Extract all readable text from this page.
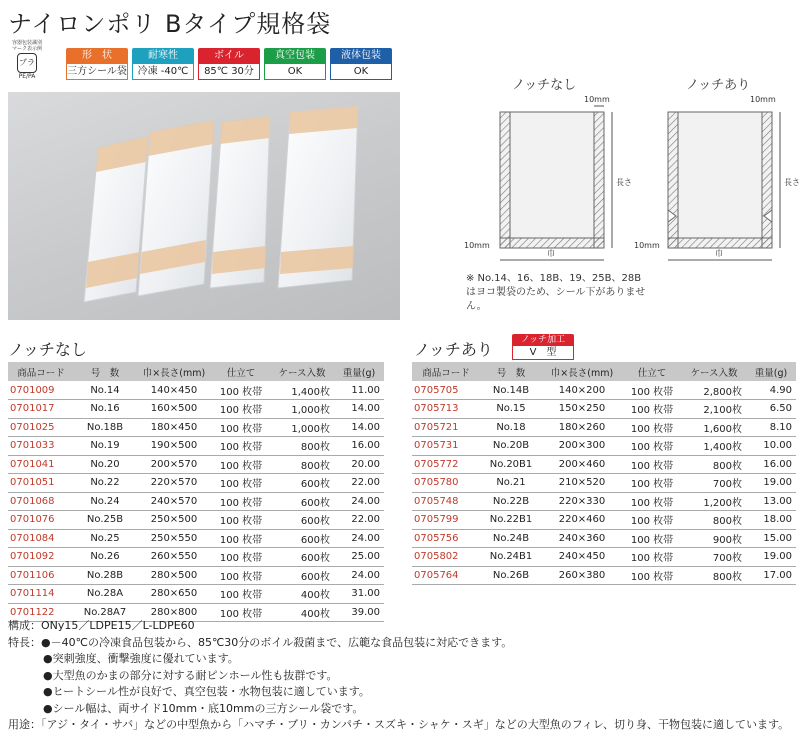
ナイロンポリ Bタイプ規格袋
容器包装識別マーク表示例
プラ
PE/PA
形　状
三方シール袋
耐寒性
冷凍 -40℃
ボイル
85℃ 30分
真空包装
OK
液体包装
OK
ノッチなし	ノッチあり
10mm
10mm
長さ
巾
10mm
10mm
長さ
巾
※ No.14、16、18B、19、25B、28B はヨコ製袋のため、シール下がありません。
ノッチなし	ノッチあり	ノッチ加工
V　型
商品コード	号　数	巾×長さ(mm)	仕立て	ケース入数	重量(g)
0701009	No.14	140×450	100 枚帯	1,400枚	11.00
0701017	No.16	160×500	100 枚帯	1,000枚	14.00
0701025	No.18B	180×450	100 枚帯	1,000枚	14.00
0701033	No.19	190×500	100 枚帯	800枚	16.00
0701041	No.20	200×570	100 枚帯	800枚	20.00
0701051	No.22	220×570	100 枚帯	600枚	22.00
0701068	No.24	240×570	100 枚帯	600枚	24.00
0701076	No.25B	250×500	100 枚帯	600枚	22.00
0701084	No.25	250×550	100 枚帯	600枚	24.00
0701092	No.26	260×550	100 枚帯	600枚	25.00
0701106	No.28B	280×500	100 枚帯	600枚	24.00
0701114	No.28A	280×650	100 枚帯	400枚	31.00
0701122	No.28A7	280×800	100 枚帯	400枚	39.00
商品コード	号　数	巾×長さ(mm)	仕立て	ケース入数	重量(g)
0705705	No.14B	140×200	100 枚帯	2,800枚	4.90
0705713	No.15	150×250	100 枚帯	2,100枚	6.50
0705721	No.18	180×260	100 枚帯	1,600枚	8.10
0705731	No.20B	200×300	100 枚帯	1,400枚	10.00
0705772	No.20B1	200×460	100 枚帯	800枚	16.00
0705780	No.21	210×520	100 枚帯	700枚	19.00
0705748	No.22B	220×330	100 枚帯	1,200枚	13.00
0705799	No.22B1	220×460	100 枚帯	800枚	18.00
0705756	No.24B	240×360	100 枚帯	900枚	15.00
0705802	No.24B1	240×450	100 枚帯	700枚	19.00
0705764	No.26B	260×380	100 枚帯	800枚	17.00
構成：ONy15／LDPE15／L-LDPE60
特長：●－40℃の冷凍食品包装から、85℃30分のボイル殺菌まで、広範な食品包装に対応できます。
●突刺強度、衝撃強度に優れています。
●大型魚のかまの部分に対する耐ピンホール性も抜群です。
●ヒートシール性が良好で、真空包装・水物包装に適しています。
●シール幅は、両サイド10mm・底10mmの三方シール袋です。
用途：「アジ・タイ・サバ」などの中型魚から「ハマチ・ブリ・カンパチ・スズキ・シャケ・スギ」などの大型魚のフィレ、切り身、干物包装に適しています。
